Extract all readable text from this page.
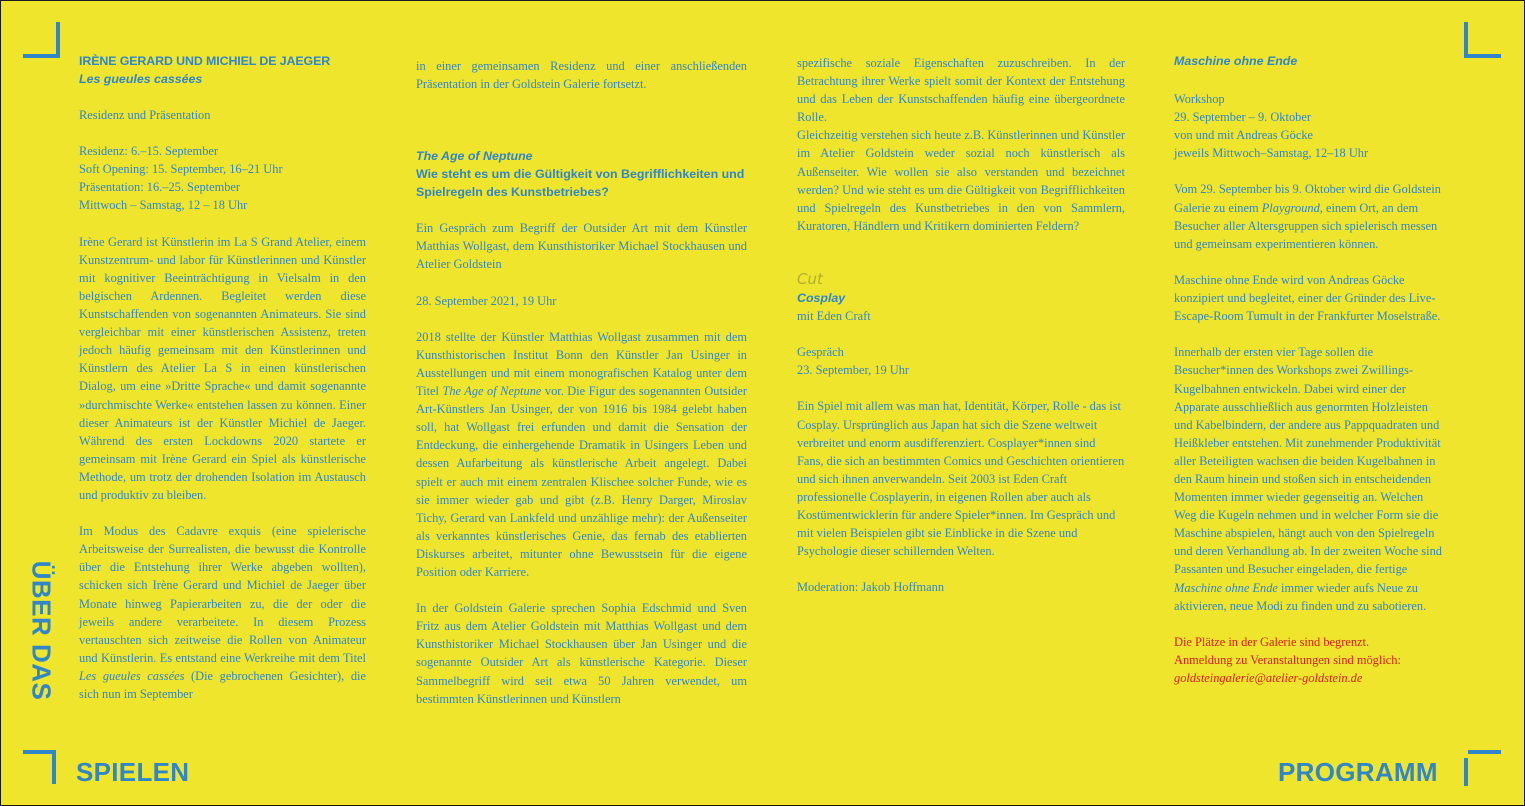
ÜBER DAS
SPIELEN	PROGRAMM
IRÈNE GERARD UND MICHIEL DE JAEGER
Les gueules cassées

Residenz und Präsentation

Residenz: 6.–15. September
Soft Opening: 15. September, 16–21 Uhr
Präsentation: 16.–25. September
Mittwoch – Samstag, 12 – 18 Uhr

Irène Gerard ist Künstlerin im La S Grand Atelier, einem Kunstzentrum- und labor für Künstlerinnen und Künstler mit kognitiver Beeinträchtigung in Vielsalm in den belgischen Ardennen. Begleitet werden diese Kunstschaffenden von sogenannten Animateurs. Sie sind vergleichbar mit einer künstlerischen Assistenz, treten jedoch häufig gemeinsam mit den Künstlerinnen und Künstlern des Atelier La S in einen künstlerischen Dialog, um eine »Dritte Sprache« und damit sogenannte »durchmischte Werke« entstehen lassen zu können. Einer dieser Animateurs ist der Künstler Michiel de Jaeger. Während des ersten Lockdowns 2020 startete er gemeinsam mit Irène Gerard ein Spiel als künstlerische Methode, um trotz der drohenden Isolation im Austausch und produktiv zu bleiben.

Im Modus des Cadavre exquis (eine spielerische Arbeitsweise der Surrealisten, die bewusst die Kontrolle über die Entstehung ihrer Werke abgeben wollten), schicken sich Irène Gerard und Michiel de Jaeger über Monate hinweg Papierarbeiten zu, die der oder die jeweils andere verarbeitete. In diesem Prozess vertauschten sich zeitweise die Rollen von Animateur und Künstlerin. Es entstand eine Werkreihe mit dem Titel Les gueules cassées (Die gebrochenen Gesichter), die sich nun im September

in einer gemeinsamen Residenz und einer anschließenden Präsentation in der Goldstein Galerie fortsetzt.

The Age of Neptune
Wie steht es um die Gültigkeit von Begrifflichkeiten und Spielregeln des Kunstbetriebes?

Ein Gespräch zum Begriff der Outsider Art mit dem Künstler Matthias Wollgast, dem Kunsthistoriker Michael Stockhausen und Atelier Goldstein

28. September 2021, 19 Uhr

2018 stellte der Künstler Matthias Wollgast zusammen mit dem Kunsthistorischen Institut Bonn den Künstler Jan Usinger in Ausstellungen und mit einem monografischen Katalog unter dem Titel The Age of Neptune vor. Die Figur des sogenannten Outsider Art-Künstlers Jan Usinger, der von 1916 bis 1984 gelebt haben soll, hat Wollgast frei erfunden und damit die Sensation der Entdeckung, die einhergehende Dramatik in Usingers Leben und dessen Aufarbeitung als künstlerische Arbeit angelegt. Dabei spielt er auch mit einem zentralen Klischee solcher Funde, wie es sie immer wieder gab und gibt (z.B. Henry Darger, Miroslav Tichy, Gerard van Lankfeld und unzählige mehr): der Außenseiter als verkanntes künstlerisches Genie, das fernab des etablierten Diskurses arbeitet, mitunter ohne Bewusstsein für die eigene Position oder Karriere.

In der Goldstein Galerie sprechen Sophia Edschmid und Sven Fritz aus dem Atelier Goldstein mit Matthias Wollgast und dem Kunsthistoriker Michael Stockhausen über Jan Usinger und die sogenannte Outsider Art als künstlerische Kategorie. Dieser Sammelbegriff wird seit etwa 50 Jahren verwendet, um bestimmten Künstlerinnen und Künstlern

spezifische soziale Eigenschaften zuzuschreiben. In der Betrachtung ihrer Werke spielt somit der Kontext der Entstehung und das Leben der Kunstschaffenden häufig eine übergeordnete Rolle.

Gleichzeitig verstehen sich heute z.B. Künstlerinnen und Künstler im Atelier Goldstein weder sozial noch künstlerisch als Außenseiter. Wie wollen sie also verstanden und bezeichnet werden? Und wie steht es um die Gültigkeit von Begrifflichkeiten und Spielregeln des Kunstbetriebes in den von Sammlern, Kuratoren, Händlern und Kritikern dominierten Feldern?

Cut
Cosplay

mit Eden Craft

Gespräch
23. September, 19 Uhr

Ein Spiel mit allem was man hat, Identität, Körper, Rolle - das ist Cosplay. Ursprünglich aus Japan hat sich die Szene weltweit verbreitet und enorm ausdifferenziert. Cosplayer*innen sind Fans, die sich an bestimmten Comics und Geschichten orientieren und sich ihnen anverwandeln. Seit 2003 ist Eden Craft professionelle Cosplayerin, in eigenen Rollen aber auch als Kostümentwicklerin für andere Spieler*innen. Im Gespräch und mit vielen Beispielen gibt sie Einblicke in die Szene und Psychologie dieser schillernden Welten.

Moderation: Jakob Hoffmann

Maschine ohne Ende

Workshop
29. September – 9. Oktober
von und mit Andreas Göcke
jeweils Mittwoch–Samstag, 12–18 Uhr

Vom 29. September bis 9. Oktober wird die Goldstein Galerie zu einem Playground, einem Ort, an dem Besucher aller Altersgruppen sich spielerisch messen und gemeinsam experimentieren können.

Maschine ohne Ende wird von Andreas Göcke konzipiert und begleitet, einer der Gründer des Live-Escape-Room Tumult in der Frankfurter Moselstraße.

Innerhalb der ersten vier Tage sollen die Besucher*innen des Workshops zwei Zwillings-Kugelbahnen entwickeln. Dabei wird einer der Apparate ausschließlich aus genormten Holzleisten und Kabelbindern, der andere aus Pappquadraten und Heißkleber entstehen. Mit zunehmender Produktivität aller Beteiligten wachsen die beiden Kugelbahnen in den Raum hinein und stoßen sich in entscheidenden Momenten immer wieder gegenseitig an. Welchen Weg die Kugeln nehmen und in welcher Form sie die Maschine abspielen, hängt auch von den Spielregeln und deren Verhandlung ab. In der zweiten Woche sind Passanten und Besucher eingeladen, die fertige Maschine ohne Ende immer wieder aufs Neue zu aktivieren, neue Modi zu finden und zu sabotieren.

Die Plätze in der Galerie sind begrenzt.
Anmeldung zu Veranstaltungen sind möglich:
goldsteingalerie@atelier-goldstein.de
